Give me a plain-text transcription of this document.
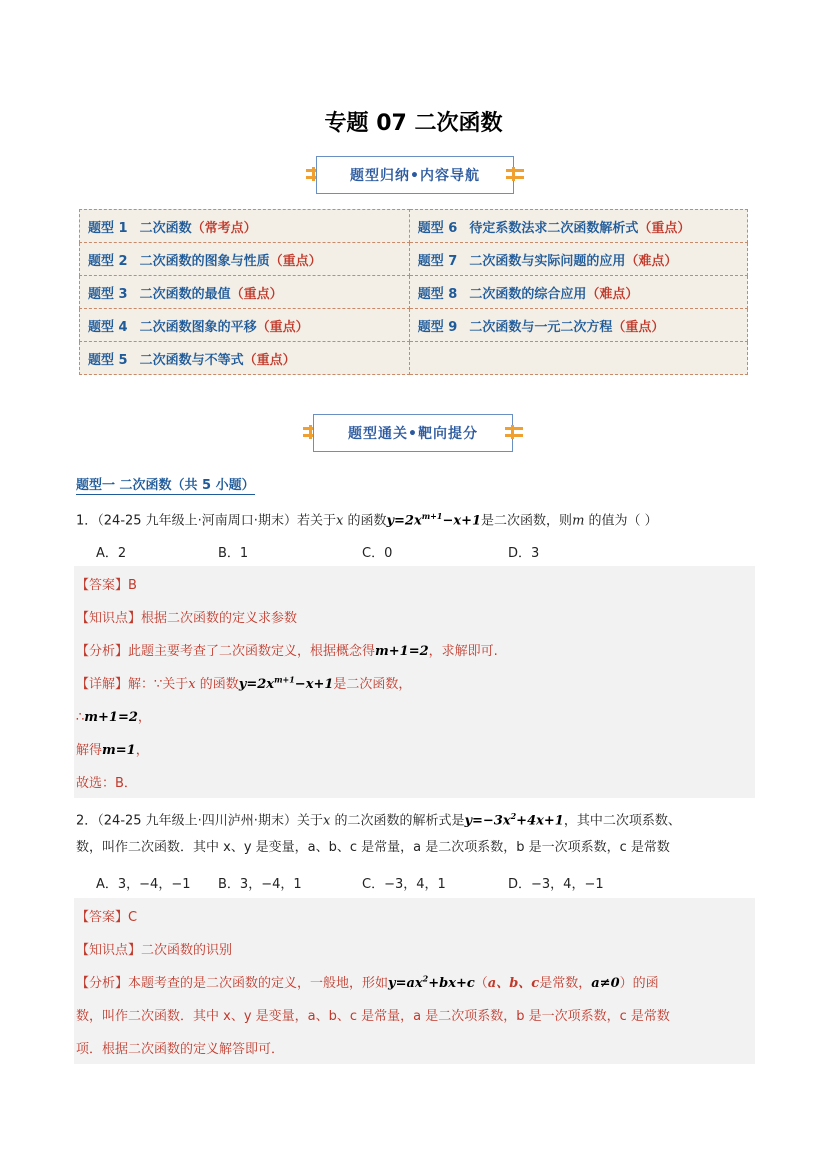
专题 07 二次函数
题型归纳•内容导航
题型 1 二次函数（常考点）	题型 6 待定系数法求二次函数解析式（重点）
题型 2 二次函数的图象与性质（重点）	题型 7 二次函数与实际问题的应用（难点）
题型 3 二次函数的最值（重点）	题型 8 二次函数的综合应用（难点）
题型 4 二次函数图象的平移（重点）	题型 9 二次函数与一元二次方程（重点）
题型 5 二次函数与不等式（重点）	
题型通关•靶向提分
题型一 二次函数（共 5 小题）
1．（24-25 九年级上·河南周口·期末）若关于x 的函数$y=2x^{m+1}-x+1$是二次函数，则m 的值为（ ）
A．2	B．1	C．0	D．3
【答案】B
【知识点】根据二次函数的定义求参数
【分析】此题主要考查了二次函数定义，根据概念得m+1=2，求解即可.
【详解】解：∵关于x 的函数$y=2x^{m+1}-x+1$是二次函数，
∴m+1=2，
解得m=1，
故选：B．
2．（24-25 九年级上·四川泸州·期末）关于x 的二次函数的解析式是$y=-3x^2+4x+1$，其中二次项系数、
数，叫作二次函数．其中 x、y 是变量，a、b、c 是常量，a 是二次项系数，b 是一次项系数，c 是常数
A．3，−4，−1 B．3，−4，1	C．−3，4，1	D．−3，4，−1
【答案】C
【知识点】二次函数的识别
【分析】本题考查的是二次函数的定义，一般地，形如$y=ax^2+bx+c(a$、b、c是常数，a≠0）的函
数，叫作二次函数．其中 x、y 是变量，a、b、c 是常量，a 是二次项系数，b 是一次项系数，c 是常数
项．根据二次函数的定义解答即可．
